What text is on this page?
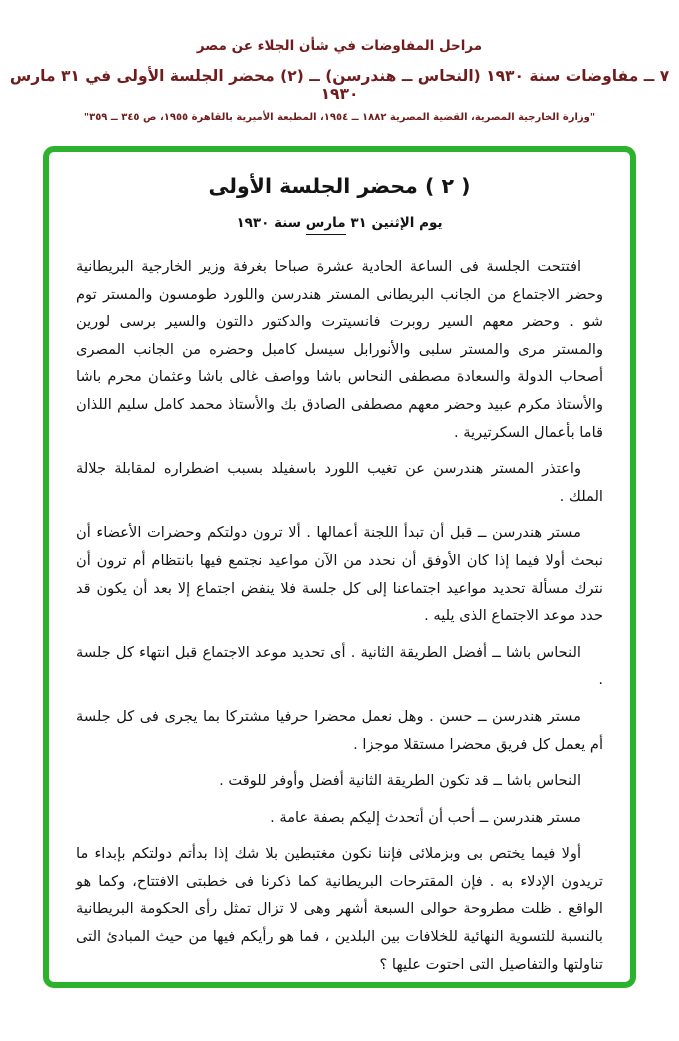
مراحل المفاوضات في شأن الجلاء عن مصر
٧ ــ مفاوضات سنة ١٩٣٠ (النحاس ــ هندرسن) ــ (٢) محضر الجلسة الأولى في ٣١ مارس ١٩٣٠
"وزارة الخارجية المصرية، القضية المصرية ١٨٨٢ ــ ١٩٥٤، المطبعة الأميرية بالقاهرة ١٩٥٥، ص ٣٤٥ ــ ٣٥٩"
( ٢ ) محضر الجلسة الأولى
يوم الإثنين ٣١ مارس سنة ١٩٣٠

افتتحت الجلسة فى الساعة الحادية عشرة صباحا بغرفة وزير الخارجية البريطانية وحضر الاجتماع من الجانب البريطانى المستر هندرسن واللورد طومسون والمستر توم شو . وحضر معهم السير روبرت فانسيترت والدكتور دالتون والسير برسى لورين والمستر مرى والمستر سلبى والأنورابل سيسل كامبل وحضره من الجانب المصرى أصحاب الدولة والسعادة مصطفى النحاس باشا وواصف غالى باشا وعثمان محرم باشا والأستاذ مكرم عبيد وحضر معهم مصطفى الصادق بك والأستاذ محمد كامل سليم اللذان قاما بأعمال السكرتيرية .

واعتذر المستر هندرسن عن تغيب اللورد باسفيلد بسبب اضطراره لمقابلة جلالة الملك .

مستر هندرسن ــ قبل أن تبدأ اللجنة أعمالها . ألا ترون دولتكم وحضرات الأعضاء أن نبحث أولا فيما إذا كان الأوفق أن نحدد من الآن مواعيد نجتمع فيها بانتظام أم ترون أن نترك مسألة تحديد مواعيد اجتماعنا إلى كل جلسة فلا ينفض اجتماع إلا بعد أن يكون قد حدد موعد الاجتماع الذى يليه .

النحاس باشا ــ أفضل الطريقة الثانية . أى تحديد موعد الاجتماع قبل انتهاء كل جلسة .

مستر هندرسن ــ حسن . وهل نعمل محضرا حرفيا مشتركا بما يجرى فى كل جلسة أم يعمل كل فريق محضرا مستقلا موجزا .

النحاس باشا ــ قد تكون الطريقة الثانية أفضل وأوفر للوقت .

مستر هندرسن ــ أحب أن أتحدث إليكم بصفة عامة .

أولا فيما يختص بى وبزملائى فإننا نكون مغتبطين بلا شك إذا بدأتم دولتكم بإبداء ما تريدون الإدلاء به . فإن المقترحات البريطانية كما ذكرنا فى خطبتى الافتتاح، وكما هو الواقع . ظلت مطروحة حوالى السبعة أشهر وهى لا تزال تمثل رأى الحكومة البريطانية بالنسبة للتسوية النهائية للخلافات بين البلدين ، فما هو رأيكم فيها من حيث المبادئ التى تناولتها والتفاصيل التى احتوت عليها ؟
